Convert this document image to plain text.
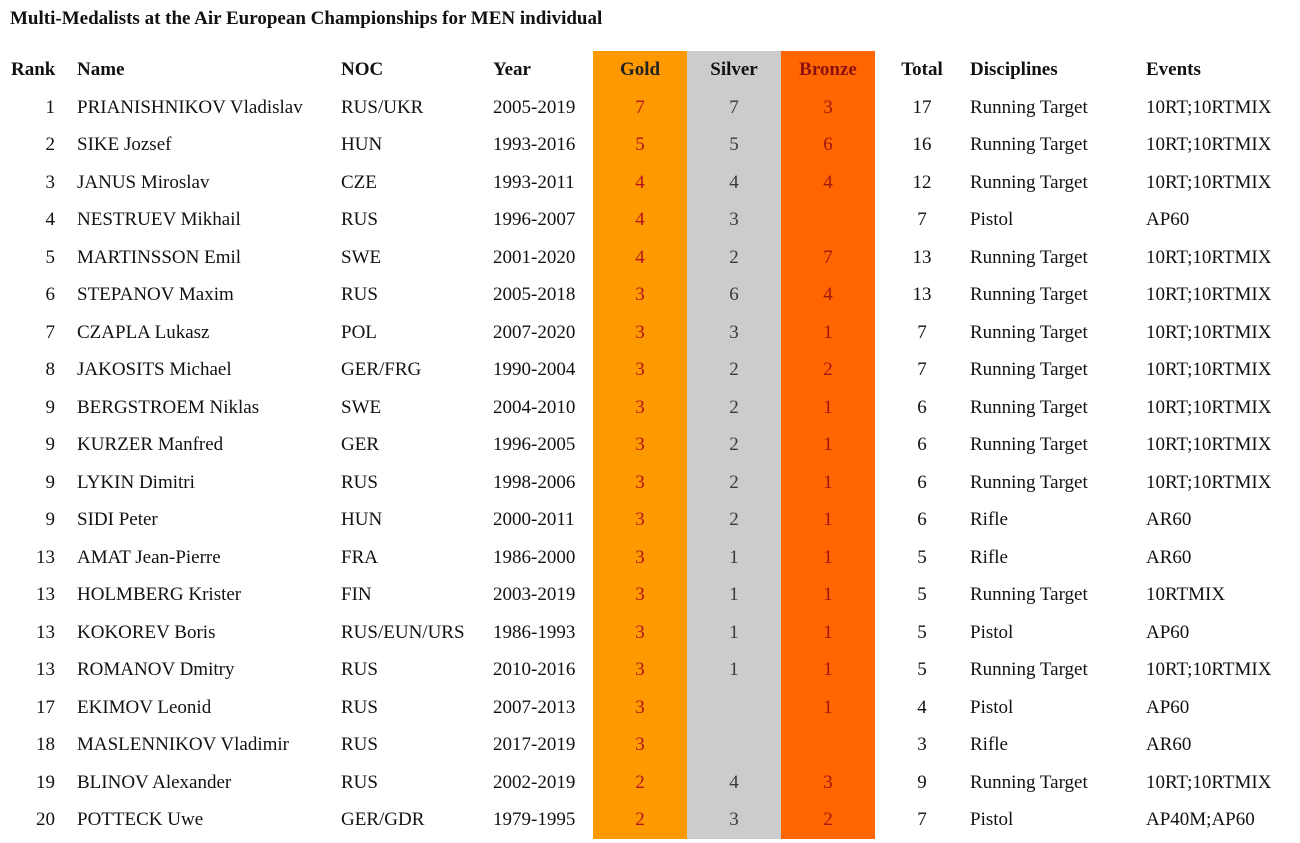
Multi-Medalists at the Air European Championships for MEN individual
Rank	Name	NOC	Year	Gold	Silver	Bronze	Total	Disciplines	Events
1	PRIANISHNIKOV Vladislav	RUS/UKR	2005-2019	7	7	3	17	Running Target	10RT;10RTMIX
2	SIKE Jozsef	HUN	1993-2016	5	5	6	16	Running Target	10RT;10RTMIX
3	JANUS Miroslav	CZE	1993-2011	4	4	4	12	Running Target	10RT;10RTMIX
4	NESTRUEV Mikhail	RUS	1996-2007	4	3		7	Pistol	AP60
5	MARTINSSON Emil	SWE	2001-2020	4	2	7	13	Running Target	10RT;10RTMIX
6	STEPANOV Maxim	RUS	2005-2018	3	6	4	13	Running Target	10RT;10RTMIX
7	CZAPLA Lukasz	POL	2007-2020	3	3	1	7	Running Target	10RT;10RTMIX
8	JAKOSITS Michael	GER/FRG	1990-2004	3	2	2	7	Running Target	10RT;10RTMIX
9	BERGSTROEM Niklas	SWE	2004-2010	3	2	1	6	Running Target	10RT;10RTMIX
9	KURZER Manfred	GER	1996-2005	3	2	1	6	Running Target	10RT;10RTMIX
9	LYKIN Dimitri	RUS	1998-2006	3	2	1	6	Running Target	10RT;10RTMIX
9	SIDI Peter	HUN	2000-2011	3	2	1	6	Rifle	AR60
13	AMAT Jean-Pierre	FRA	1986-2000	3	1	1	5	Rifle	AR60
13	HOLMBERG Krister	FIN	2003-2019	3	1	1	5	Running Target	10RTMIX
13	KOKOREV Boris	RUS/EUN/URS	1986-1993	3	1	1	5	Pistol	AP60
13	ROMANOV Dmitry	RUS	2010-2016	3	1	1	5	Running Target	10RT;10RTMIX
17	EKIMOV Leonid	RUS	2007-2013	3		1	4	Pistol	AP60
18	MASLENNIKOV Vladimir	RUS	2017-2019	3			3	Rifle	AR60
19	BLINOV Alexander	RUS	2002-2019	2	4	3	9	Running Target	10RT;10RTMIX
20	POTTECK Uwe	GER/GDR	1979-1995	2	3	2	7	Pistol	AP40M;AP60
